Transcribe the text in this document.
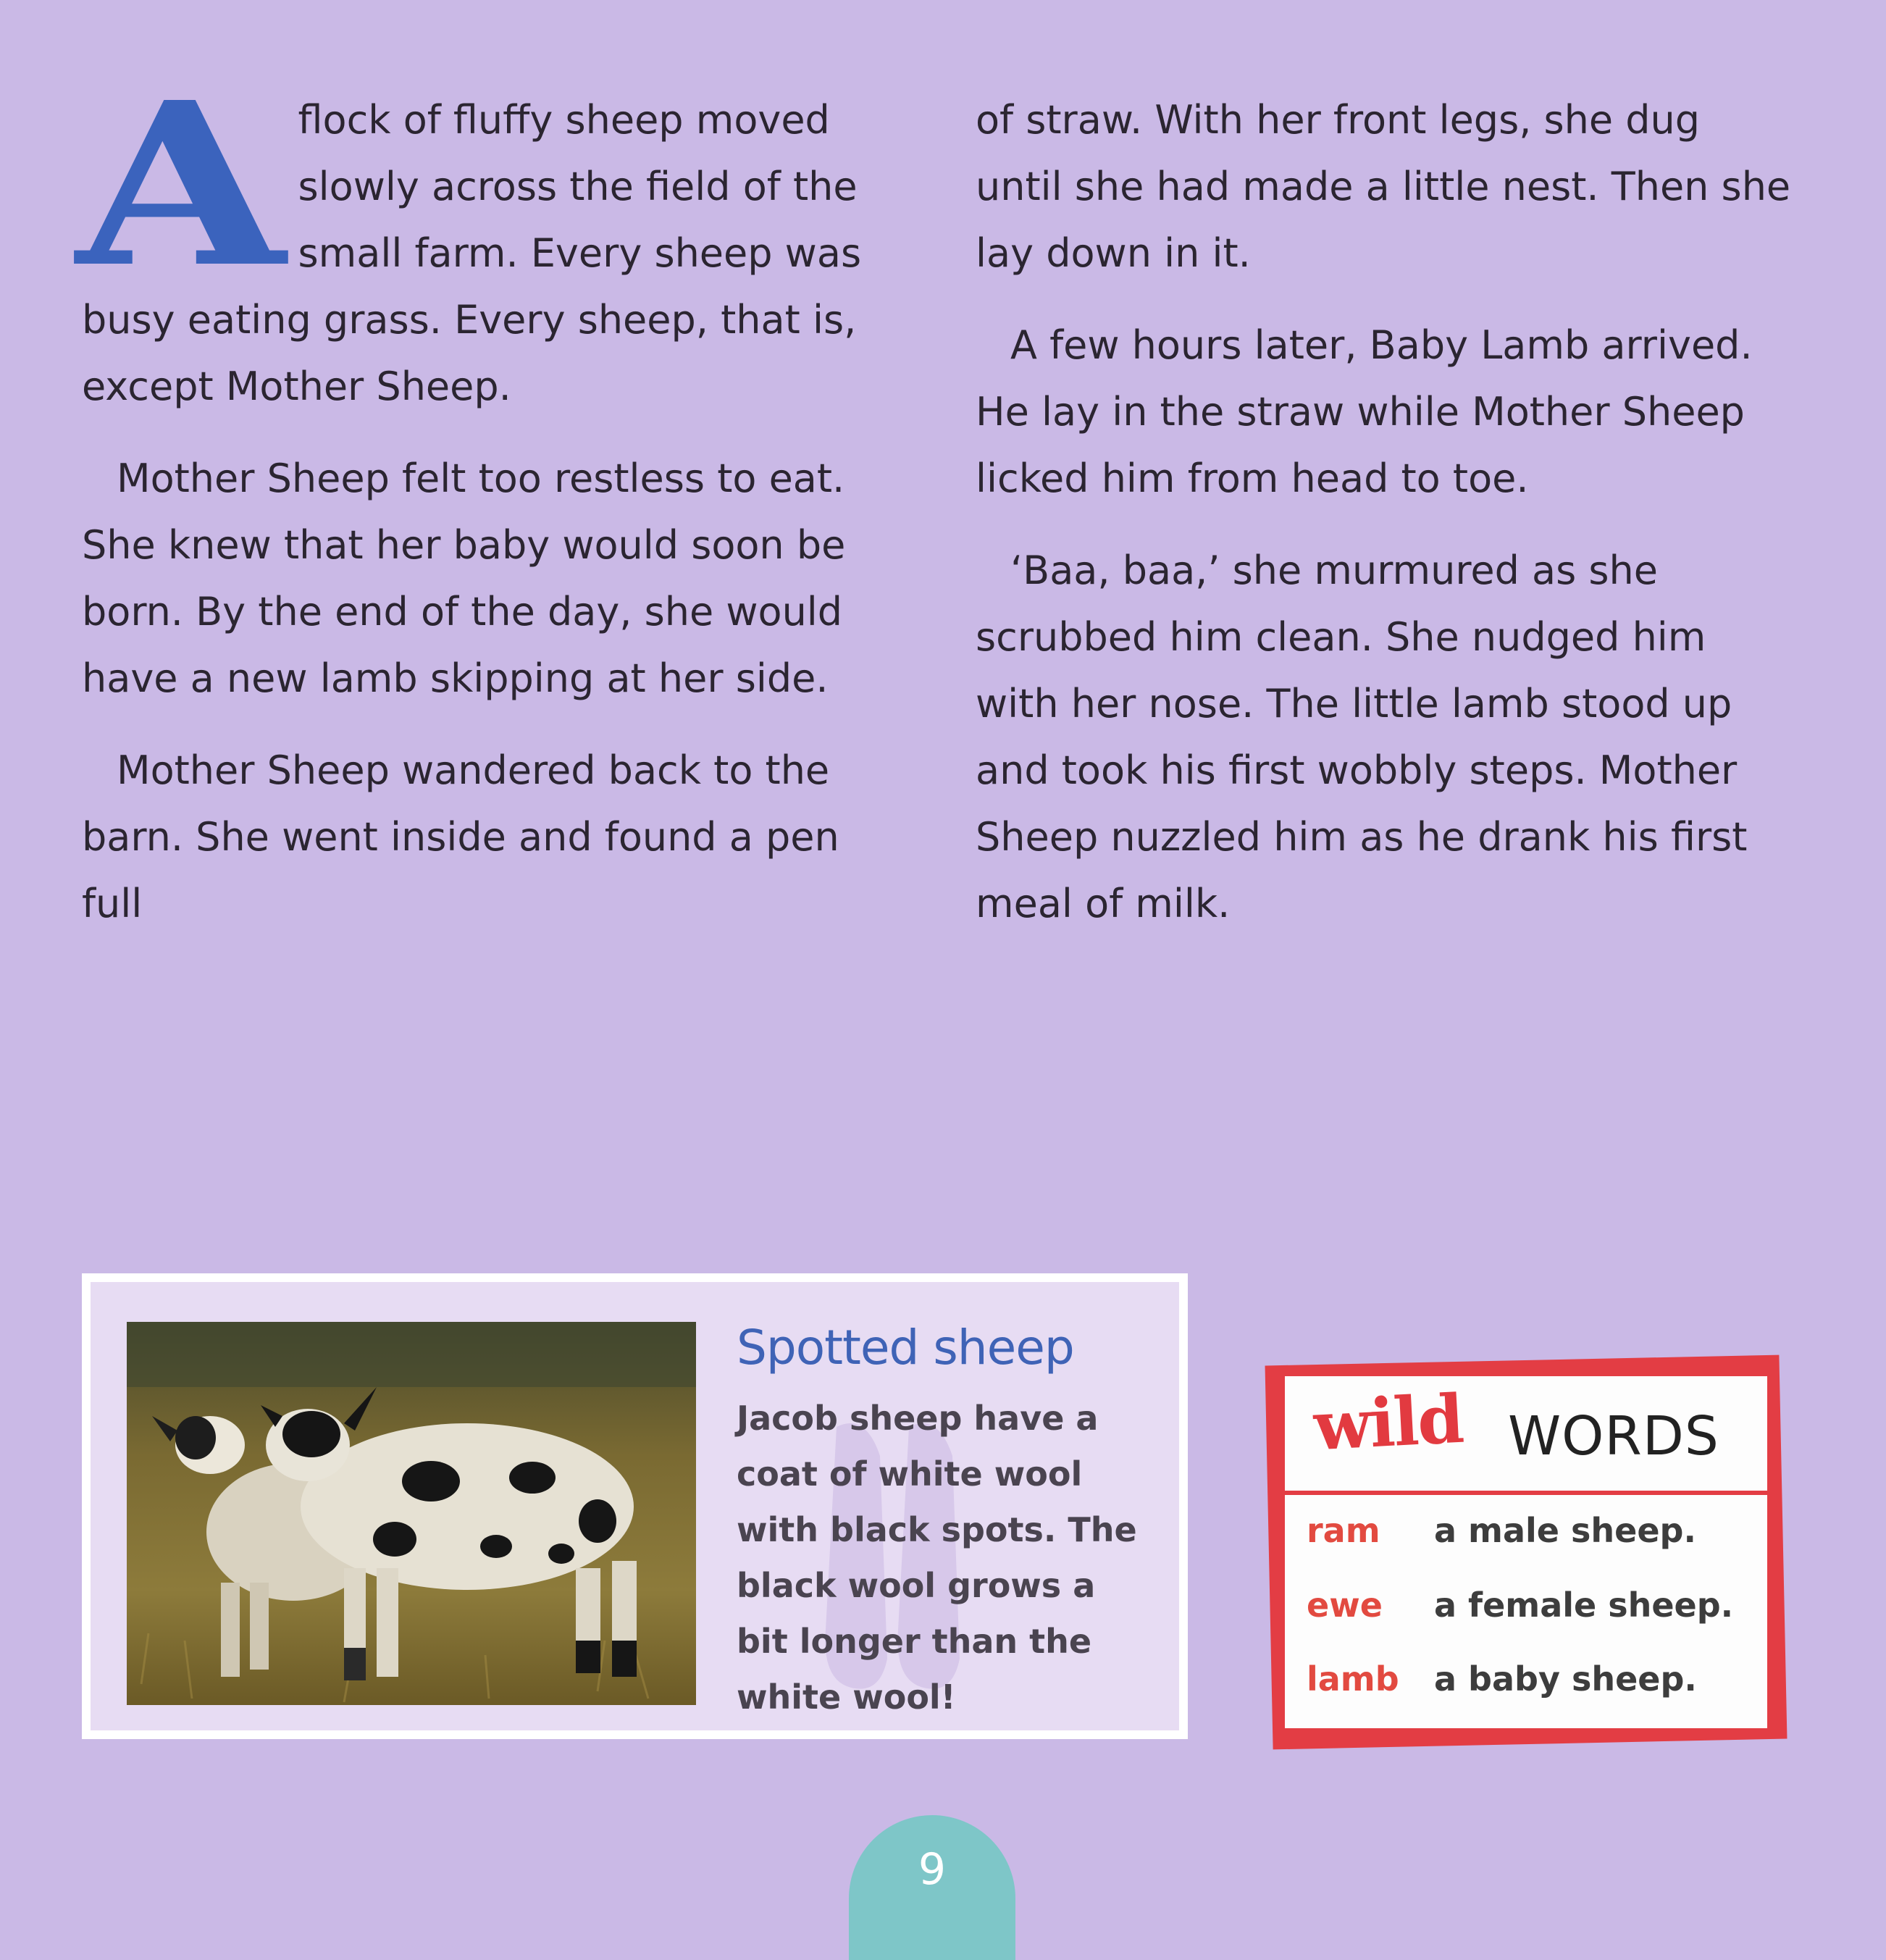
Aflock of fluffy sheep moved slowly across the field of the small farm. Every sheep was busy eating grass. Every sheep, that is, except Mother Sheep.

Mother Sheep felt too restless to eat. She knew that her baby would soon be born. By the end of the day, she would have a new lamb skipping at her side.

Mother Sheep wandered back to the barn. She went inside and found a pen full

of straw. With her front legs, she dug until she had made a little nest. Then she lay down in it.

A few hours later, Baby Lamb arrived. He lay in the straw while Mother Sheep licked him from head to toe.

‘Baa, baa,’ she murmured as she scrubbed him clean. She nudged him with her nose. The little lamb stood up and took his first wobbly steps. Mother Sheep nuzzled him as he drank his first meal of milk.

Spotted sheep
Jacob sheep have a coat of white wool with black spots. The black wool grows a bit longer than the white wool!
wild WORDS
ram a male sheep.
ewe a female sheep.
lamb a baby sheep.
9
